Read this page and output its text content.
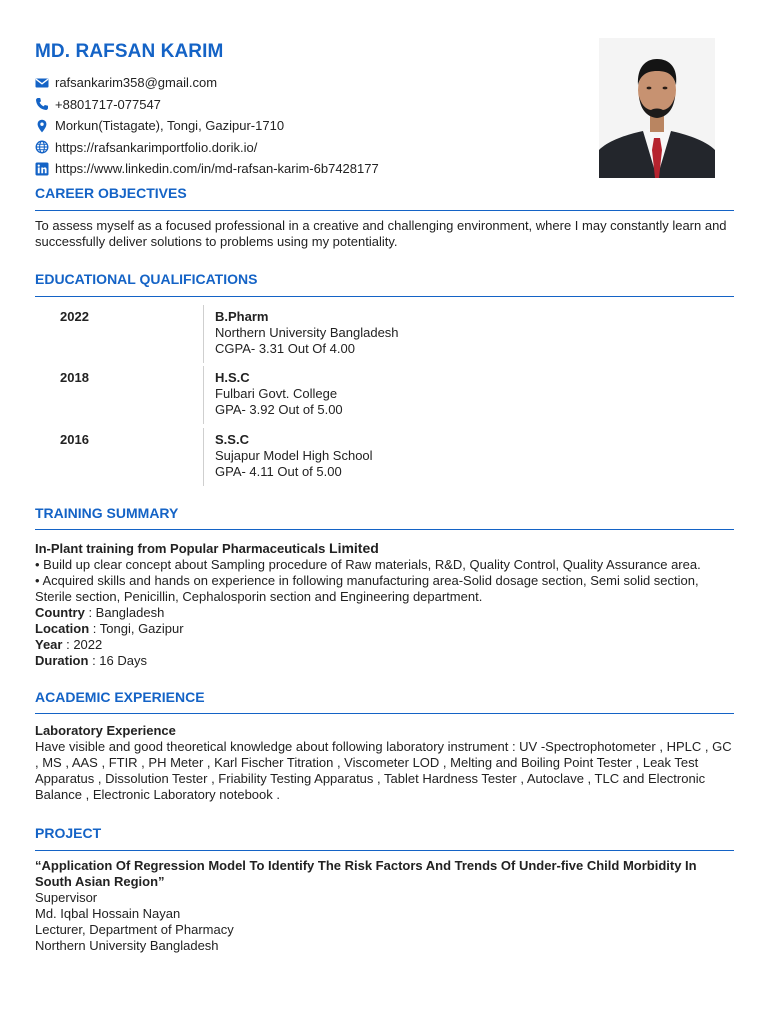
MD. RAFSAN KARIM
rafsankarim358@gmail.com
+8801717-077547
Morkun(Tistagate), Tongi, Gazipur-1710
https://rafsankarimportfolio.dorik.io/
https://www.linkedin.com/in/md-rafsan-karim-6b7428177
CAREER OBJECTIVES
To assess myself as a focused professional in a creative and challenging environment, where I may constantly learn and successfully deliver solutions to problems using my potentiality.
EDUCATIONAL QUALIFICATIONS
2022	B.Pharm
Northern University Bangladesh
CGPA- 3.31 Out Of 4.00
2018	H.S.C
Fulbari Govt. College
GPA- 3.92 Out of 5.00
2016	S.S.C
Sujapur Model High School
GPA- 4.11 Out of 5.00
TRAINING SUMMARY
In-Plant training from Popular Pharmaceuticals Limited
• Build up clear concept about Sampling procedure of Raw materials, R&D, Quality Control, Quality Assurance area.
• Acquired skills and hands on experience in following manufacturing area-Solid dosage section, Semi solid section, Sterile section, Penicillin, Cephalosporin section and Engineering department.
Country : Bangladesh
Location : Tongi, Gazipur
Year : 2022
Duration : 16 Days
ACADEMIC EXPERIENCE
Laboratory Experience
Have visible and good theoretical knowledge about following laboratory instrument : UV -Spectrophotometer , HPLC , GC , MS , AAS , FTIR , PH Meter , Karl Fischer Titration , Viscometer LOD , Melting and Boiling Point Tester , Leak Test Apparatus , Dissolution Tester , Friability Testing Apparatus , Tablet Hardness Tester , Autoclave , TLC and Electronic Balance , Electronic Laboratory notebook .
PROJECT
“Application Of Regression Model To Identify The Risk Factors And Trends Of Under-five Child Morbidity In South Asian Region”
Supervisor
Md. Iqbal Hossain Nayan
Lecturer, Department of Pharmacy
Northern University Bangladesh
